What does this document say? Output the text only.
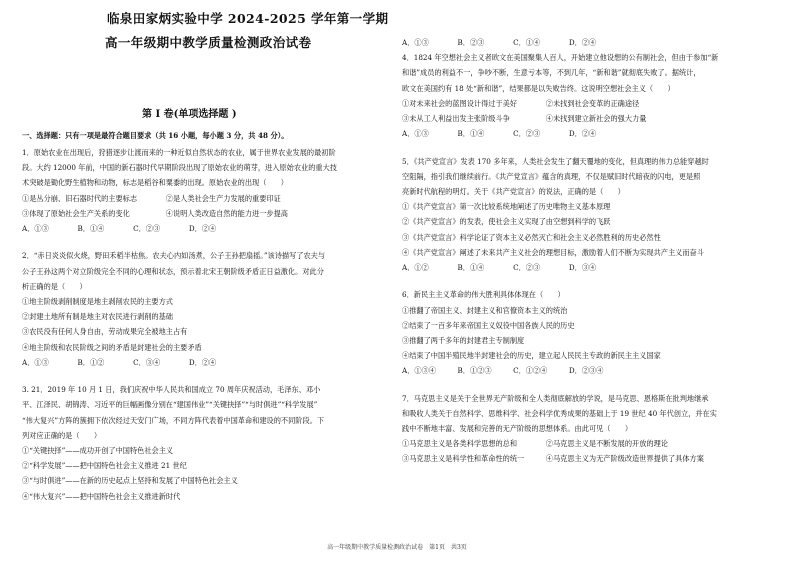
临泉田家炳实验中学 2024-2025 学年第一学期
高一年级期中教学质量检测政治试卷
第 I 卷(单项选择题 )
一、选择题：只有一项是最符合题目要求（共 16 小题，每小题 3 分，共 48 分）。
1．原始农业在出现后，狩猎逐步让渡而来的一种近似自然状态的农业，属于世界农业发展的最初阶
段。大约 12000 年前，中国的新石器时代早期阶段出现了原始农业的萌芽，进入原始农业的重大技
术突破是锄化野生植物和动物，标志是稻谷和粟黍的出现。原始农业的出现（　　）
①是丛分崩、旧石器时代的主要标志　　　　②是人类社会生产力发展的重要印证
③体现了原始社会生产关系的变化　　　　　④说明人类改造自然的能力进一步提高
A．①③　　　　B．①④　　　　C．②③　　　　D．②④
2．“赤日炎炎似火烧，野田禾稻半枯焦。农夫心内如汤煮，公子王孙把扇摇。”该诗描写了农夫与
公子王孙这两个对立阶级完全不同的心理和状态，预示着北宋王朝阶级矛盾正日益激化。对此分
析正确的是（　　）
①地主阶级剥削制度是地主剥削农民的主要方式
②封建土地所有制是地主对农民进行剥削的基础
③农民没有任何人身自由，劳动成果完全被地主占有
④地主阶级和农民阶级之间的矛盾是封建社会的主要矛盾
A．①③　　　　B．①②　　　　C．③④　　　　D．②④
3. 21．2019 年 10 月 1 日，我们庆祝中华人民共和国成立 70 周年庆祝活动，毛泽东、邓小
平、江泽民、胡锦涛、习近平的巨幅画像分别在“建国伟业”“关键抉择”“与时俱进”“科学发展”
“伟大复兴”方阵的簇拥下依次经过天安门广场，不同方阵代表着中国革命和建设的不同阶段。下
列对应正确的是（　　）
①“关键抉择”——成功开创了中国特色社会主义
②“科学发展”——把中国特色社会主义推进 21 世纪
③“与时俱进”——在新的历史起点上坚持和发展了中国特色社会主义
④“伟大复兴”——把中国特色社会主义推进新时代
A．①③　　　　B．②③　　　　C．①④　　　　D．②④
4．1824 年空想社会主义者欧文在美国聚集人百人，开始建立他设想的公有制社会，但由于参加“新
和谐”成员的利益不一，争吵不断，生意亏本等，不到几年，“新和谐”就彻底失败了。据统计，
欧文在美国约有 18 处“新和谐”，结果都是以失败告终。这说明空想社会主义（　　）
①对未来社会的蓝图设计得过于美好　　　　②未找到社会变革的正确途径
③未从工人利益出发主张阶级斗争　　　　　④未找到建立新社会的强大力量
A．①③　　　　B．①④　　　　C．②③　　　　D．②④
5．《共产党宣言》发表 170 多年来，人类社会发生了翻天覆地的变化，但真理的伟力总能穿越时
空阻隔，指引我们继续前行。《共产党宣言》蕴含的真理，不仅是赋旧时代暗夜的闪电，更是照
亮新时代航程的明灯。关于《共产党宣言》的说法，正确的是（　　）
①《共产党宣言》第一次比较系统地阐述了历史唯物主义基本原理
②《共产党宣言》的发表，使社会主义实现了由空想到科学的飞跃
③《共产党宣言》科学论证了资本主义必然灭亡和社会主义必然胜利的历史必然性
④《共产党宣言》阐述了未来共产主义社会的理想目标，激励着人们不断为实现共产主义而奋斗
A．①②　　　　B．①④　　　　C．②③　　　　D．③④
6．新民主主义革命的伟大胜利具体体现在（　　）
①推翻了帝国主义、封建主义和官僚资本主义的统治
②结束了一百多年来帝国主义奴役中国各族人民的历史
③推翻了两千多年的封建君主专制制度
④结束了中国半殖民地半封建社会的历史，建立起人民民主专政的新民主主义国家
A．①③④　　　B．①②③　　　C．①②④　　　D．②③④
7．马克思主义是关于全世界无产阶级和全人类彻底解放的学说，是马克思、恩格斯在批判地继承
和吸收人类关于自然科学、思维科学、社会科学优秀成果的基础上于 19 世纪 40 年代创立，并在实
践中不断地丰富、发展和完善的无产阶级的思想体系。由此可见（　　）
①马克思主义是各类科学思想的总和　　　　②马克思主义是不断发展的开放的理论
③马克思主义是科学性和革命性的统一　　　④马克思主义为无产阶级改造世界提供了具体方案
高一年级期中教学质量检测政治试卷　第1页　共3页
